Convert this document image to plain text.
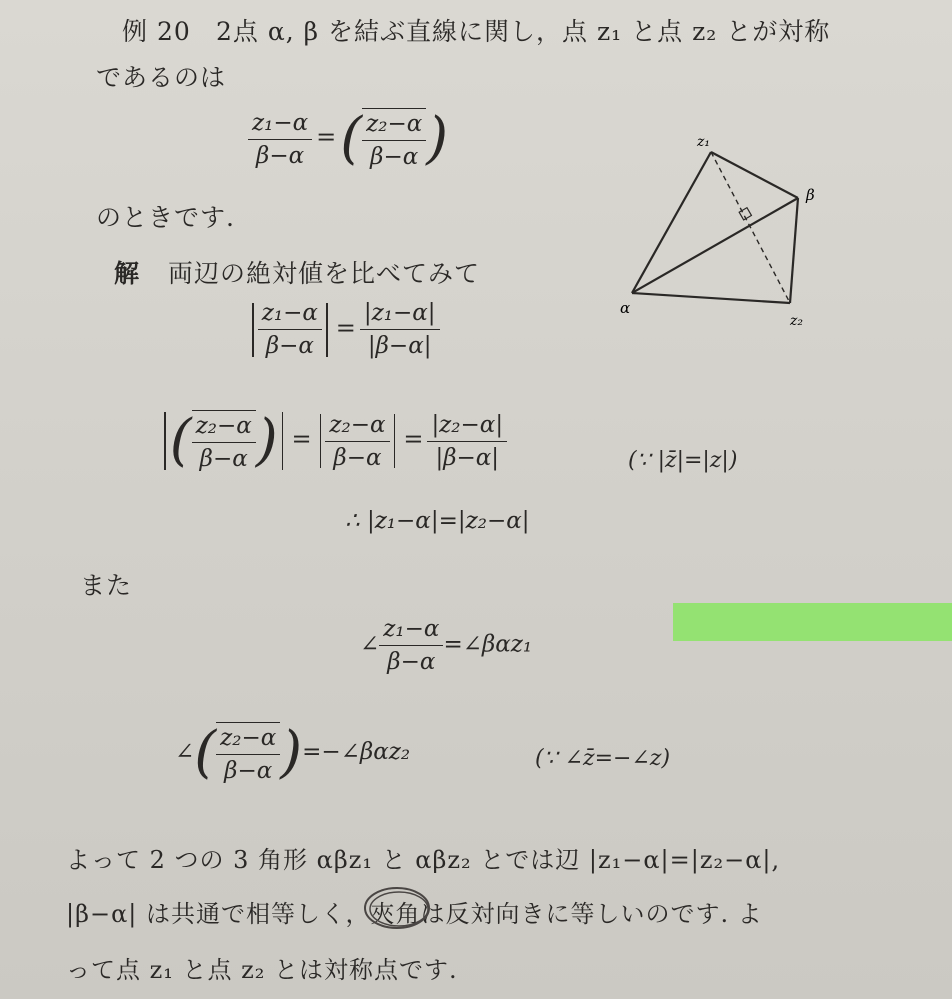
例 20 2点 α, β を結ぶ直線に関し，点 z₁ と点 z₂ とが対称
であるのは
$\frac{\text{z₁−α}}{\beta-\alpha}$ =( $\frac{\text{z₂−α}}{\beta-\alpha}$ )
のときです.
z₁
β
α
z₂
解 両辺の絶対値を比べてみて
$\frac{\text{z₁−α}}{\beta-\alpha} = \frac{\text{|z₁−α|}}{|\beta-\alpha|}$
( $\frac{\text{z₂−α}}{\beta-\alpha}$ ) = $\frac{\text{z₂−α}}{\beta-\alpha} = \frac{\text{|z₂−α|}}{|\beta-\alpha|}$	(∵ |z̄|=|z|)
∴ |z₁−α|=|z₂−α|
また
∠ $\frac{\text{z₁−α}}{\beta-\alpha}$ =∠βαz₁
∠( $\frac{\text{z₂−α}}{\beta-\alpha}$ )=−∠βαz₂	(∵ ∠z̄=−∠z)
よって 2 つの 3 角形 αβz₁ と αβz₂ とでは辺 |z₁−α|=|z₂−α|,
|β−α| は共通で相等しく，夾角
は反対向きに等しいのです. よ
って点 z₁ と点 z₂ とは対称点です.
